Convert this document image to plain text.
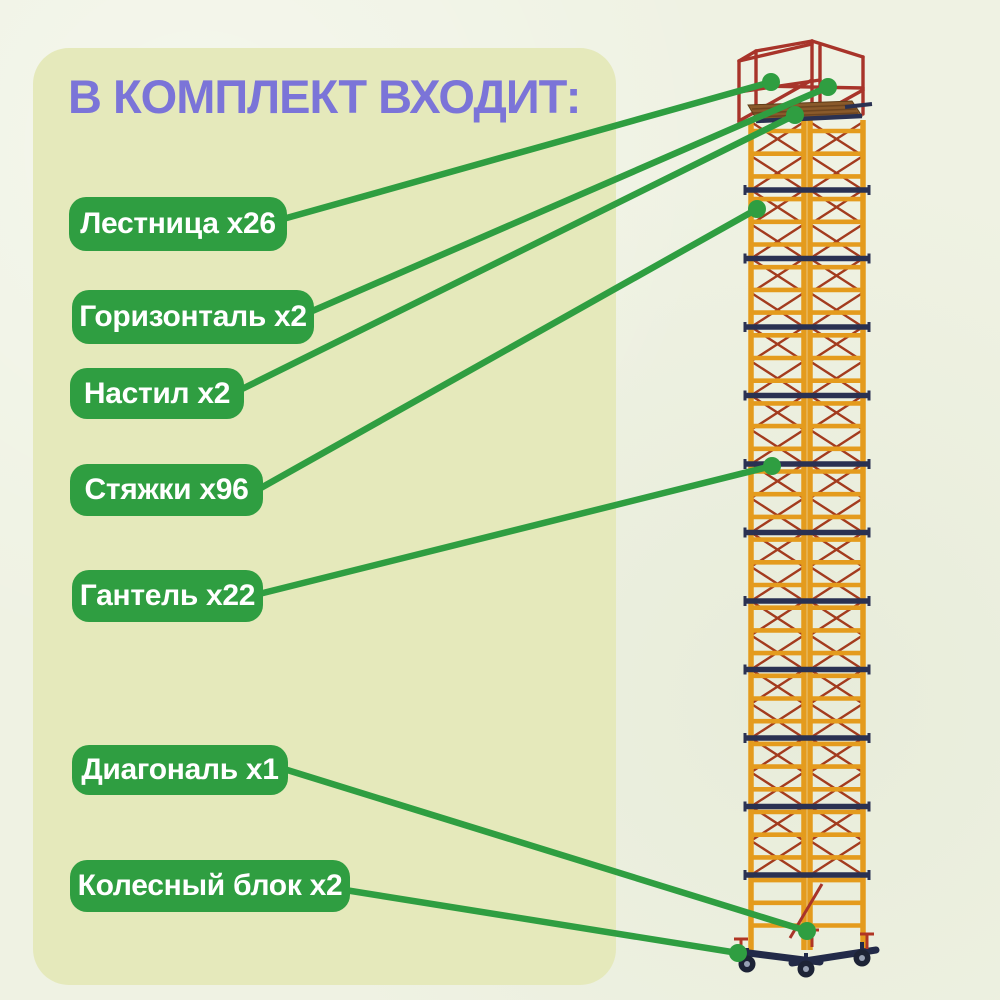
В КОМПЛЕКТ ВХОДИТ:
Лестница x26
Горизонталь x2
Настил x2
Стяжки x96
Гантель x22
Диагональ x1
Колесный блок x2
